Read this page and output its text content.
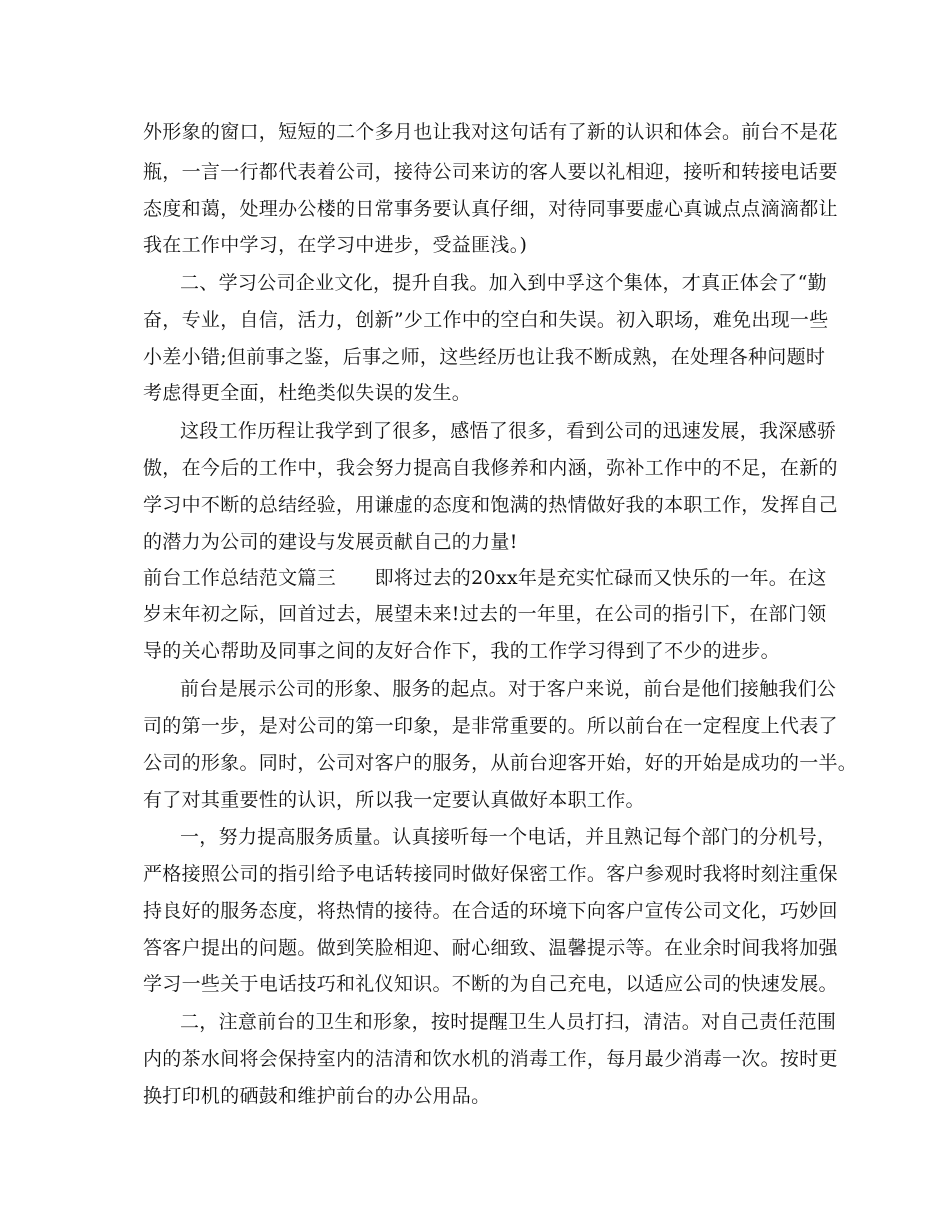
外形象的窗口，短短的二个多月也让我对这句话有了新的认识和体会。前台不是花
瓶，一言一行都代表着公司，接待公司来访的客人要以礼相迎，接听和转接电话要
态度和蔼，处理办公楼的日常事务要认真仔细，对待同事要虚心真诚点点滴滴都让
我在工作中学习，在学习中进步，受益匪浅。)
二、学习公司企业文化，提升自我。加入到中孚这个集体，才真正体会了“勤
奋，专业，自信，活力，创新”少工作中的空白和失误。初入职场，难免出现一些
小差小错;但前事之鉴，后事之师，这些经历也让我不断成熟，在处理各种问题时
考虑得更全面，杜绝类似失误的发生。
这段工作历程让我学到了很多，感悟了很多，看到公司的迅速发展，我深感骄
傲，在今后的工作中，我会努力提高自我修养和内涵，弥补工作中的不足，在新的
学习中不断的总结经验，用谦虚的态度和饱满的热情做好我的本职工作，发挥自己
的潜力为公司的建设与发展贡献自己的力量!
前台工作总结范文篇三　　即将过去的20xx年是充实忙碌而又快乐的一年。在这
岁末年初之际，回首过去，展望未来!过去的一年里，在公司的指引下，在部门领
导的关心帮助及同事之间的友好合作下，我的工作学习得到了不少的进步。
前台是展示公司的形象、服务的起点。对于客户来说，前台是他们接触我们公
司的第一步，是对公司的第一印象，是非常重要的。所以前台在一定程度上代表了
公司的形象。同时，公司对客户的服务，从前台迎客开始，好的开始是成功的一半。
有了对其重要性的认识，所以我一定要认真做好本职工作。
一，努力提高服务质量。认真接听每一个电话，并且熟记每个部门的分机号，
严格接照公司的指引给予电话转接同时做好保密工作。客户参观时我将时刻注重保
持良好的服务态度，将热情的接待。在合适的环境下向客户宣传公司文化，巧妙回
答客户提出的问题。做到笑脸相迎、耐心细致、温馨提示等。在业余时间我将加强
学习一些关于电话技巧和礼仪知识。不断的为自己充电，以适应公司的快速发展。
二，注意前台的卫生和形象，按时提醒卫生人员打扫，清洁。对自己责任范围
内的茶水间将会保持室内的洁清和饮水机的消毒工作，每月最少消毒一次。按时更
换打印机的硒鼓和维护前台的办公用品。
